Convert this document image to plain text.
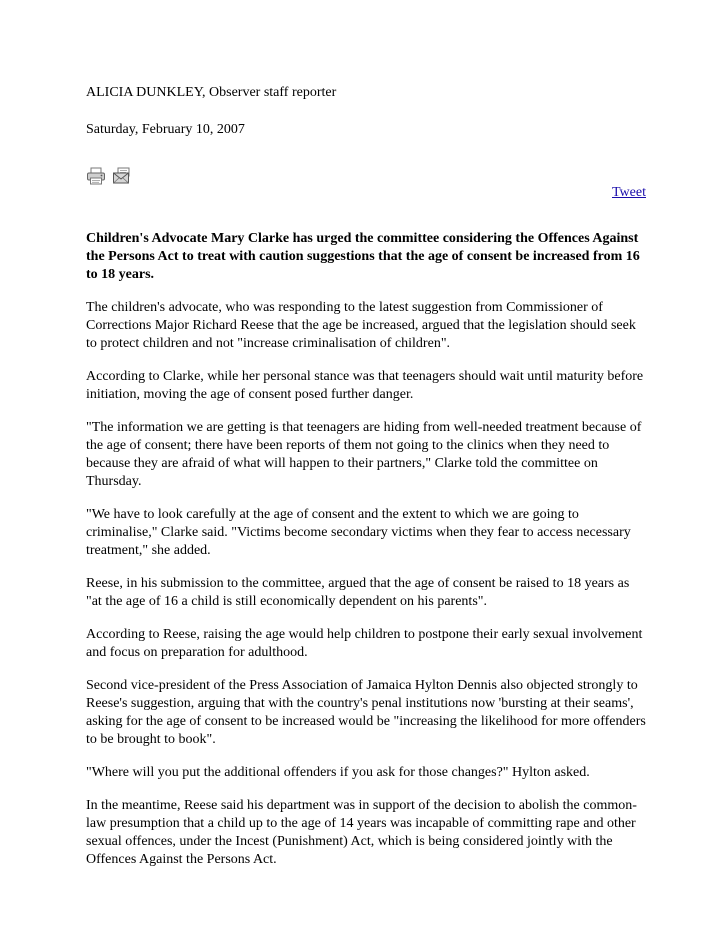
ALICIA DUNKLEY, Observer staff reporter
Saturday, February 10, 2007
Tweet

Children's Advocate Mary Clarke has urged the committee considering the Offences Against the Persons Act to treat with caution suggestions that the age of consent be increased from 16 to 18 years.

The children's advocate, who was responding to the latest suggestion from Commissioner of Corrections Major Richard Reese that the age be increased, argued that the legislation should seek to protect children and not "increase criminalisation of children".

According to Clarke, while her personal stance was that teenagers should wait until maturity before initiation, moving the age of consent posed further danger.

"The information we are getting is that teenagers are hiding from well-needed treatment because of the age of consent; there have been reports of them not going to the clinics when they need to because they are afraid of what will happen to their partners," Clarke told the committee on Thursday.

"We have to look carefully at the age of consent and the extent to which we are going to criminalise," Clarke said. "Victims become secondary victims when they fear to access necessary treatment," she added.

Reese, in his submission to the committee, argued that the age of consent be raised to 18 years as "at the age of 16 a child is still economically dependent on his parents".

According to Reese, raising the age would help children to postpone their early sexual involvement and focus on preparation for adulthood.

Second vice-president of the Press Association of Jamaica Hylton Dennis also objected strongly to Reese's suggestion, arguing that with the country's penal institutions now 'bursting at their seams', asking for the age of consent to be increased would be "increasing the likelihood for more offenders to be brought to book".

"Where will you put the additional offenders if you ask for those changes?" Hylton asked.

In the meantime, Reese said his department was in support of the decision to abolish the common-law presumption that a child up to the age of 14 years was incapable of committing rape and other sexual offences, under the Incest (Punishment) Act, which is being considered jointly with the Offences Against the Persons Act.
